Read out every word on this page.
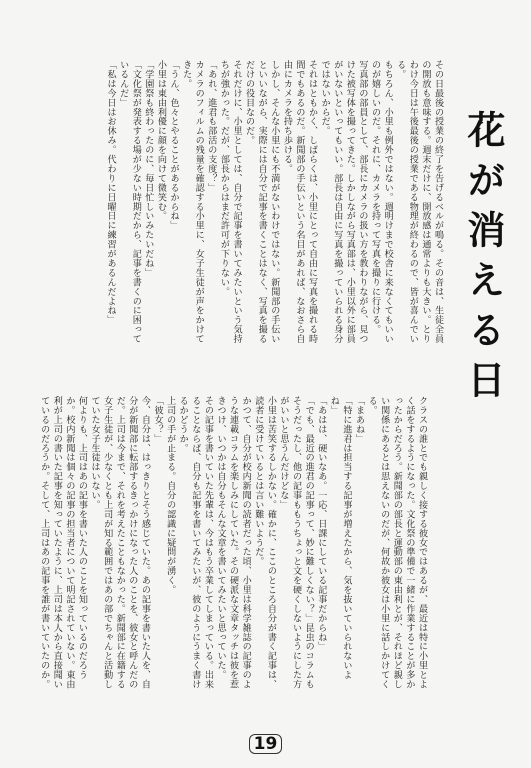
その日最後の授業の終了を告げるベルが鳴る。その音は、生徒全員の開放も意味する。週末だけに、開放感は通常よりも大きい。とりわけ今日は午後最後の授業である物理が終わるので、皆が喜んでいる。
もちろん、小里も例外ではない。週明けまで校舎に来なくてもいいのが嬉しいのだ。それに、カメラを持って写真を撮りに行ける。
写真部の部員として、部長にカメラの扱い方を教わりながら、見つけた被写体を撮ってきた。しかしながら写真部は、小里以外に部員がいないといってもいい。部長は自由に写真を撮っていられる身分ではないからだ。
それはともかく、しばらくは、小里にとって自由に写真を撮れる時間でもあるのだ。新聞部の手伝いという名目があれば、なおさら自由にカメラを持ち歩ける。
しかし、そんな小里にも不満がないわけではない。新聞部の手伝いといいながら、実際には自分で記事を書くことはなく、写真を撮るだけの役目なのだ。
それだけに、小里としては、自分で記事を書いてみたいという気持ちが強かった。だが、部長からはまだ許可が下りない。
「あれ、進君も部活の支度？」
カメラのフィルムの残量を確認する小里に、女子生徒が声をかけてきた。
「うん、色々とやることがあるからね」
小里は東由利優に顔を向けて微笑む。
「学園祭も終わったのに、毎日忙しいみたいだね」
「文化祭が発表する場が少ない時期だから、記事を書くのに困っているんだ」
「私は今日はお休み。代わりに日曜日に練習があるんだよね」
クラスの誰とでも親しく接する彼女ではあるが、最近は特に小里とよく話をするようになった。文化祭の準備で一緒に作業することが多かったからだろう。新聞部の部長と運動部の東由利とが、それほど親しい関係にあるとは思えないのだが、何故か彼女は小里に話しかけてくる。
「まあね」
「特に進君は担当する記事が増えたから、気を抜いていられないよね」
「あはは、硬いなあ。一応、日課にしている記事だからね」
「でも、最近の進君の記事って、妙に難しくない？」昆虫のコラムもそうだったし、他の記事ももうちょっと文を硬くしないようにした方がいいと思うんだけどな」
小里は苦笑するしかない。確かに、ここのところ自分が書く記事は、読者に受けているとは言い難いようだ。
かつて、自分が校内新聞の読者だった頃、小里は科学雑誌の記事のような連載コラムを楽しみにしていた。その硬派な文章タッチは彼を惹きつけ、いつかは自分もそんな文章を書いてみたいと思っていた。
その記事を書いていた先輩は、今はもう卒業してしまっている。出来ることならば、自分も記事を書いてみたいが、彼のようにうまく書けるかどうか。
上司の手が止まる。自分の認識に疑問が湧く。
「彼女？」
今、自分は、はっきりとそう感じていた。あの記事を書いた人を、自分が新聞部に転部するきっかけになった人のことを、彼女と呼んだのだ。上司は今まで、それを考えたこともなかった。新聞部に在籍する女子生徒が、少なくとも上司が知る範囲ではあの部でちゃんと活動していた女子生徒はいない。
何よりも、上司はあの記事を書いた人のことを知っているのだろうか。校内新聞は個々の記事の担当者について明記されていない。東由利が上司の書いた記事を知っていたように、上司は本人から直接聞いているのだろうか。そして、上司はあの記事を誰が書いていたのか。
花が消える日
19
